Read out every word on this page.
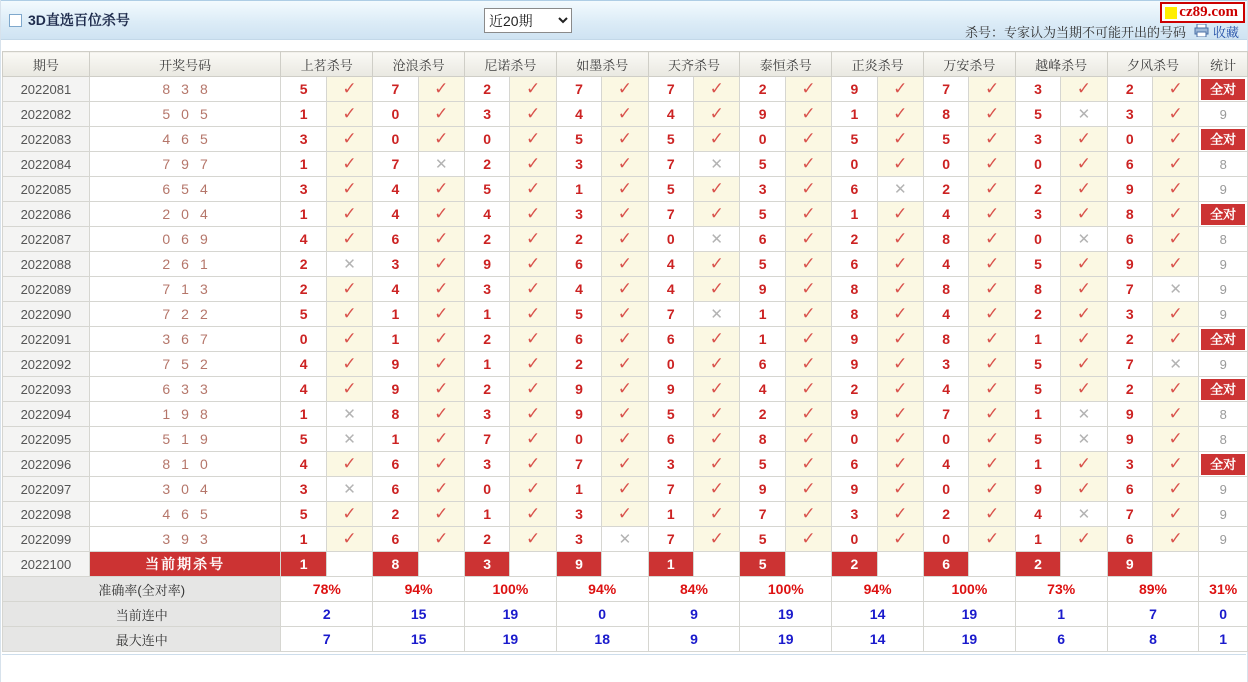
3D直选百位杀号
近20期
杀号：专家认为当期不可能开出的号码 收藏
cz89.com
期号	开奖号码	上茗杀号		沧浪杀号		尼诺杀号		如墨杀号		天齐杀号		泰恒杀号		正炎杀号		万安杀号		越峰杀号		夕风杀号		统计
2022081	838	5	✓	7	✓	2	✓	7	✓	7	✓	2	✓	9	✓	7	✓	3	✓	2	✓	全对

2022082	505	1	✓	0	✓	3	✓	4	✓	4	✓	9	✓	1	✓	8	✓	5	✕	3	✓	9
2022083	465	3	✓	0	✓	0	✓	5	✓	5	✓	0	✓	5	✓	5	✓	3	✓	0	✓	全对

2022084	797	1	✓	7	✕	2	✓	3	✓	7	✕	5	✓	0	✓	0	✓	0	✓	6	✓	8
2022085	654	3	✓	4	✓	5	✓	1	✓	5	✓	3	✓	6	✕	2	✓	2	✓	9	✓	9
2022086	204	1	✓	4	✓	4	✓	3	✓	7	✓	5	✓	1	✓	4	✓	3	✓	8	✓	全对

2022087	069	4	✓	6	✓	2	✓	2	✓	0	✕	6	✓	2	✓	8	✓	0	✕	6	✓	8
2022088	261	2	✕	3	✓	9	✓	6	✓	4	✓	5	✓	6	✓	4	✓	5	✓	9	✓	9
2022089	713	2	✓	4	✓	3	✓	4	✓	4	✓	9	✓	8	✓	8	✓	8	✓	7	✕	9
2022090	722	5	✓	1	✓	1	✓	5	✓	7	✕	1	✓	8	✓	4	✓	2	✓	3	✓	9
2022091	367	0	✓	1	✓	2	✓	6	✓	6	✓	1	✓	9	✓	8	✓	1	✓	2	✓	全对

2022092	752	4	✓	9	✓	1	✓	2	✓	0	✓	6	✓	9	✓	3	✓	5	✓	7	✕	9
2022093	633	4	✓	9	✓	2	✓	9	✓	9	✓	4	✓	2	✓	4	✓	5	✓	2	✓	全对

2022094	198	1	✕	8	✓	3	✓	9	✓	5	✓	2	✓	9	✓	7	✓	1	✕	9	✓	8
2022095	519	5	✕	1	✓	7	✓	0	✓	6	✓	8	✓	0	✓	0	✓	5	✕	9	✓	8
2022096	810	4	✓	6	✓	3	✓	7	✓	3	✓	5	✓	6	✓	4	✓	1	✓	3	✓	全对

2022097	304	3	✕	6	✓	0	✓	1	✓	7	✓	9	✓	9	✓	0	✓	9	✓	6	✓	9
2022098	465	5	✓	2	✓	1	✓	3	✓	1	✓	7	✓	3	✓	2	✓	4	✕	7	✓	9
2022099	393	1	✓	6	✓	2	✓	3	✕	7	✓	5	✓	0	✓	0	✓	1	✓	6	✓	9
2022100	当前期杀号	1		8		3		9		1		5		2		6		2		9		
准确率(全对率)		78%		94%		100%		94%		84%		100%		94%		100%		73%		89%		31%
当前连中		2		15		19		0		9		19		14		19		1		7		0
最大连中		7		15		19		18		9		19		14		19		6		8		1
